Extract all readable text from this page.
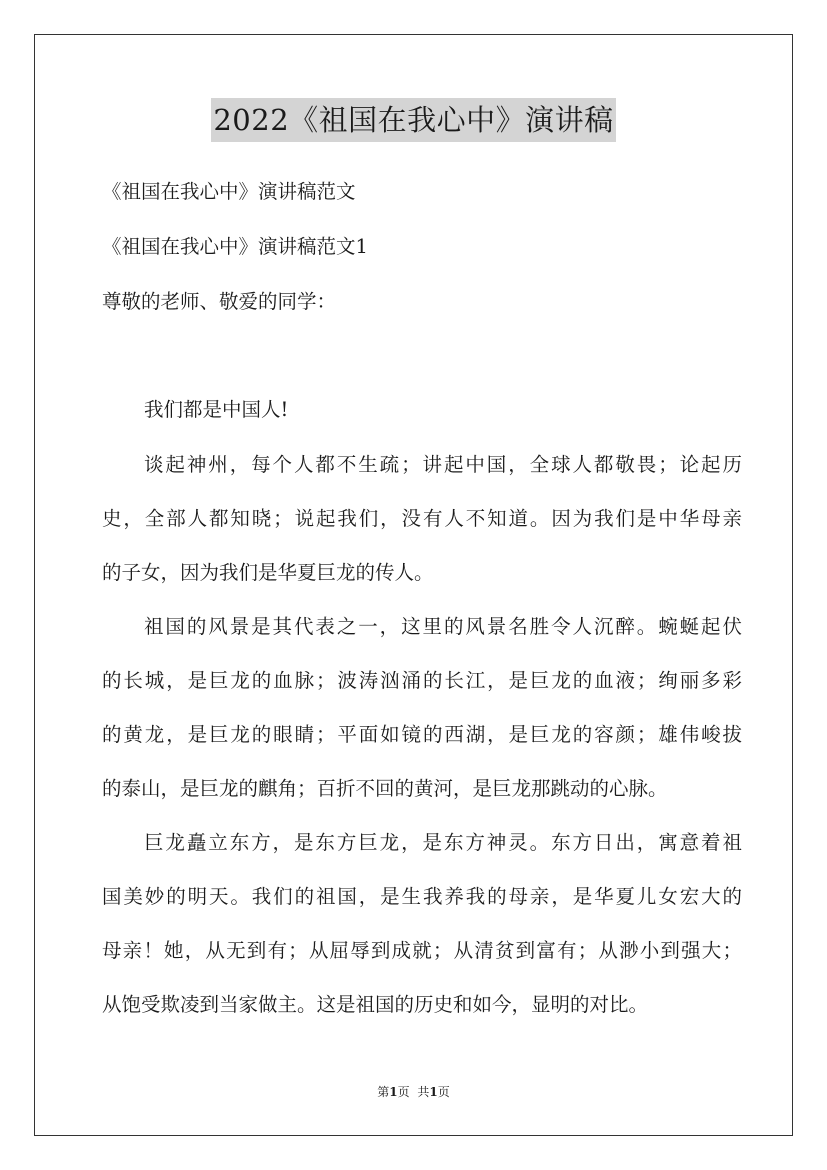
2022《祖国在我心中》演讲稿
《祖国在我心中》演讲稿范文
《祖国在我心中》演讲稿范文1
尊敬的老师、敬爱的同学：
我们都是中国人!
谈起神州，每个人都不生疏；讲起中国，全球人都敬畏；论起历
史，全部人都知晓；说起我们，没有人不知道。因为我们是中华母亲
的子女，因为我们是华夏巨龙的传人。
祖国的风景是其代表之一，这里的风景名胜令人沉醉。蜿蜒起伏
的长城，是巨龙的血脉；波涛汹涌的长江，是巨龙的血液；绚丽多彩
的黄龙，是巨龙的眼睛；平面如镜的西湖，是巨龙的容颜；雄伟峻拔
的泰山，是巨龙的麒角；百折不回的黄河，是巨龙那跳动的心脉。
巨龙矗立东方，是东方巨龙，是东方神灵。东方日出，寓意着祖
国美妙的明天。我们的祖国，是生我养我的母亲，是华夏儿女宏大的
母亲！她，从无到有；从屈辱到成就；从清贫到富有；从渺小到强大；
从饱受欺凌到当家做主。这是祖国的历史和如今，显明的对比。
第1页 共1页
